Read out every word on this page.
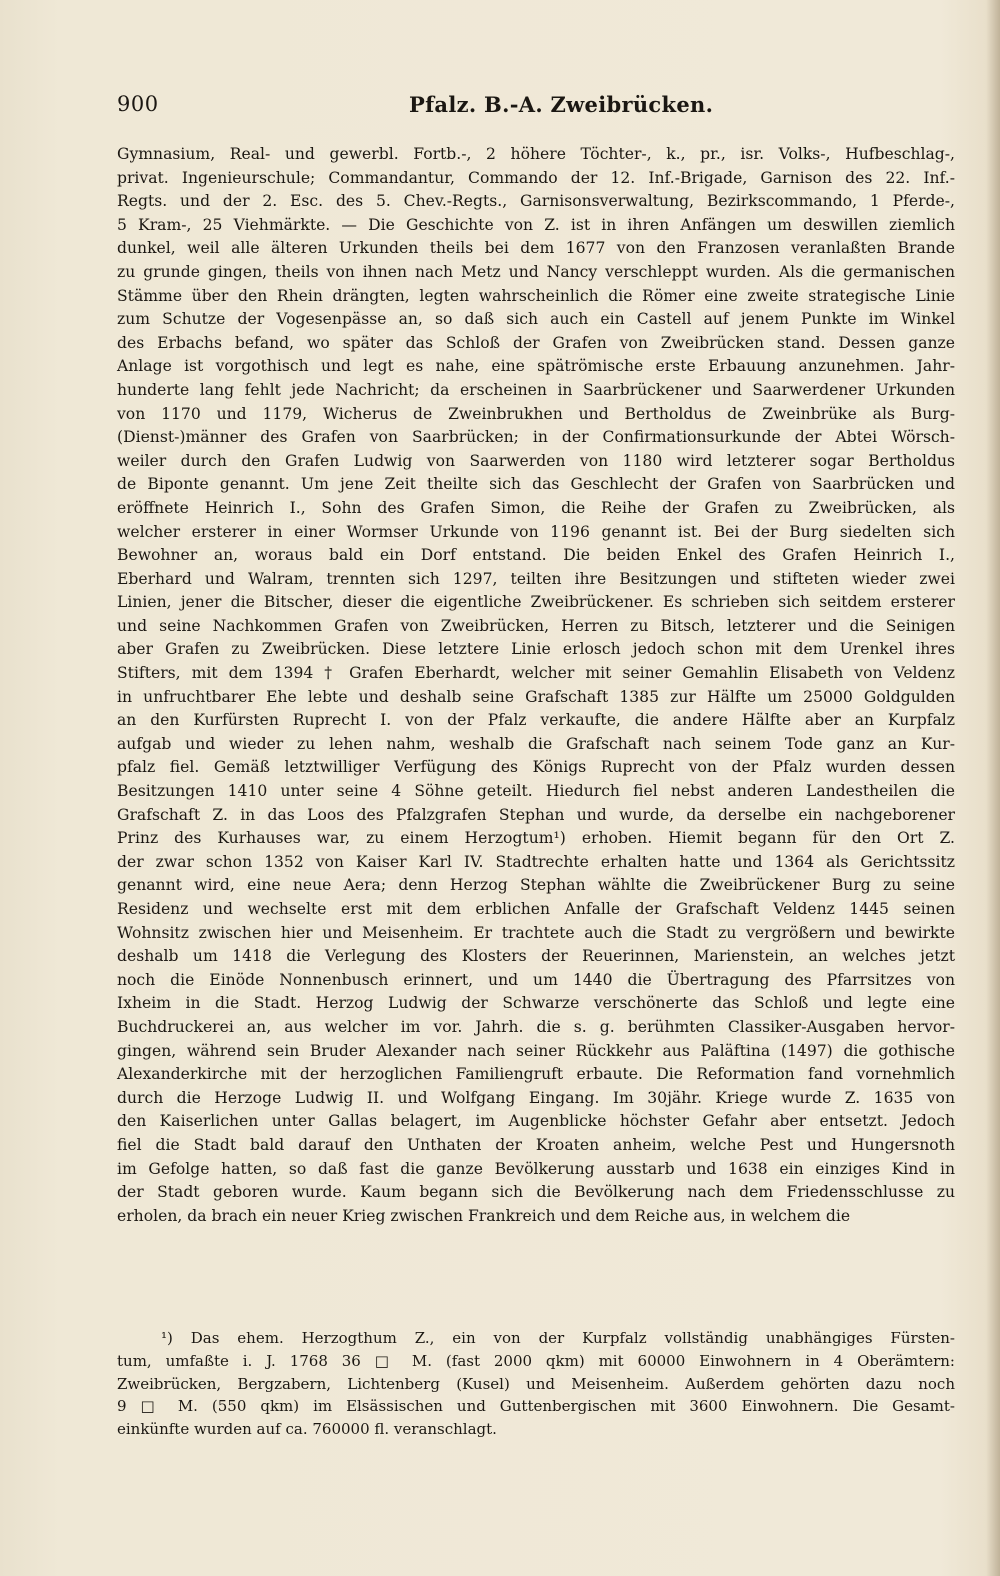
900	Pfalz. B.-A. Zweibrücken.
Gymnasium, Real- und gewerbl. Fortb.-, 2 höhere Töchter-, k., pr., isr. Volks-, Hufbeschlag-,
privat. Ingenieurschule; Commandantur, Commando der 12. Inf.-Brigade, Garnison des 22. Inf.-
Regts. und der 2. Esc. des 5. Chev.-Regts., Garnisonsverwaltung, Bezirkscommando, 1 Pferde-,
5 Kram-, 25 Viehmärkte. — Die Geschichte von Z. ist in ihren Anfängen um deswillen ziemlich
dunkel, weil alle älteren Urkunden theils bei dem 1677 von den Franzosen veranlaßten Brande
zu grunde gingen, theils von ihnen nach Metz und Nancy verschleppt wurden. Als die germanischen
Stämme über den Rhein drängten, legten wahrscheinlich die Römer eine zweite strategische Linie
zum Schutze der Vogesenpässe an, so daß sich auch ein Castell auf jenem Punkte im Winkel
des Erbachs befand, wo später das Schloß der Grafen von Zweibrücken stand. Dessen ganze
Anlage ist vorgothisch und legt es nahe, eine spätrömische erste Erbauung anzunehmen. Jahr-
hunderte lang fehlt jede Nachricht; da erscheinen in Saarbrückener und Saarwerdener Urkunden
von 1170 und 1179, Wicherus de Zweinbrukhen und Bertholdus de Zweinbrüke als Burg-
(Dienst-)männer des Grafen von Saarbrücken; in der Confirmationsurkunde der Abtei Wörsch-
weiler durch den Grafen Ludwig von Saarwerden von 1180 wird letzterer sogar Bertholdus
de Biponte genannt. Um jene Zeit theilte sich das Geschlecht der Grafen von Saarbrücken und
eröffnete Heinrich I., Sohn des Grafen Simon, die Reihe der Grafen zu Zweibrücken, als
welcher ersterer in einer Wormser Urkunde von 1196 genannt ist. Bei der Burg siedelten sich
Bewohner an, woraus bald ein Dorf entstand. Die beiden Enkel des Grafen Heinrich I.,
Eberhard und Walram, trennten sich 1297, teilten ihre Besitzungen und stifteten wieder zwei
Linien, jener die Bitscher, dieser die eigentliche Zweibrückener. Es schrieben sich seitdem ersterer
und seine Nachkommen Grafen von Zweibrücken, Herren zu Bitsch, letzterer und die Seinigen
aber Grafen zu Zweibrücken. Diese letztere Linie erlosch jedoch schon mit dem Urenkel ihres
Stifters, mit dem 1394 † Grafen Eberhardt, welcher mit seiner Gemahlin Elisabeth von Veldenz
in unfruchtbarer Ehe lebte und deshalb seine Grafschaft 1385 zur Hälfte um 25000 Goldgulden
an den Kurfürsten Ruprecht I. von der Pfalz verkaufte, die andere Hälfte aber an Kurpfalz
aufgab und wieder zu lehen nahm, weshalb die Grafschaft nach seinem Tode ganz an Kur-
pfalz fiel. Gemäß letztwilliger Verfügung des Königs Ruprecht von der Pfalz wurden dessen
Besitzungen 1410 unter seine 4 Söhne geteilt. Hiedurch fiel nebst anderen Landestheilen die
Grafschaft Z. in das Loos des Pfalzgrafen Stephan und wurde, da derselbe ein nachgeborener
Prinz des Kurhauses war, zu einem Herzogtum¹) erhoben. Hiemit begann für den Ort Z.
der zwar schon 1352 von Kaiser Karl IV. Stadtrechte erhalten hatte und 1364 als Gerichtssitz
genannt wird, eine neue Aera; denn Herzog Stephan wählte die Zweibrückener Burg zu seine
Residenz und wechselte erst mit dem erblichen Anfalle der Grafschaft Veldenz 1445 seinen
Wohnsitz zwischen hier und Meisenheim. Er trachtete auch die Stadt zu vergrößern und bewirkte
deshalb um 1418 die Verlegung des Klosters der Reuerinnen, Marienstein, an welches jetzt
noch die Einöde Nonnenbusch erinnert, und um 1440 die Übertragung des Pfarrsitzes von
Ixheim in die Stadt. Herzog Ludwig der Schwarze verschönerte das Schloß und legte eine
Buchdruckerei an, aus welcher im vor. Jahrh. die s. g. berühmten Classiker-Ausgaben hervor-
gingen, während sein Bruder Alexander nach seiner Rückkehr aus Paläftina (1497) die gothische
Alexanderkirche mit der herzoglichen Familiengruft erbaute. Die Reformation fand vornehmlich
durch die Herzoge Ludwig II. und Wolfgang Eingang. Im 30jähr. Kriege wurde Z. 1635 von
den Kaiserlichen unter Gallas belagert, im Augenblicke höchster Gefahr aber entsetzt. Jedoch
fiel die Stadt bald darauf den Unthaten der Kroaten anheim, welche Pest und Hungersnoth
im Gefolge hatten, so daß fast die ganze Bevölkerung ausstarb und 1638 ein einziges Kind in
der Stadt geboren wurde. Kaum begann sich die Bevölkerung nach dem Friedensschlusse zu
erholen, da brach ein neuer Krieg zwischen Frankreich und dem Reiche aus, in welchem die
¹) Das ehem. Herzogthum Z., ein von der Kurpfalz vollständig unabhängiges Fürsten-
tum, umfaßte i. J. 1768 36 □ M. (fast 2000 qkm) mit 60000 Einwohnern in 4 Oberämtern:
Zweibrücken, Bergzabern, Lichtenberg (Kusel) und Meisenheim. Außerdem gehörten dazu noch
9 □ M. (550 qkm) im Elsässischen und Guttenbergischen mit 3600 Einwohnern. Die Gesamt-
einkünfte wurden auf ca. 760000 fl. veranschlagt.
